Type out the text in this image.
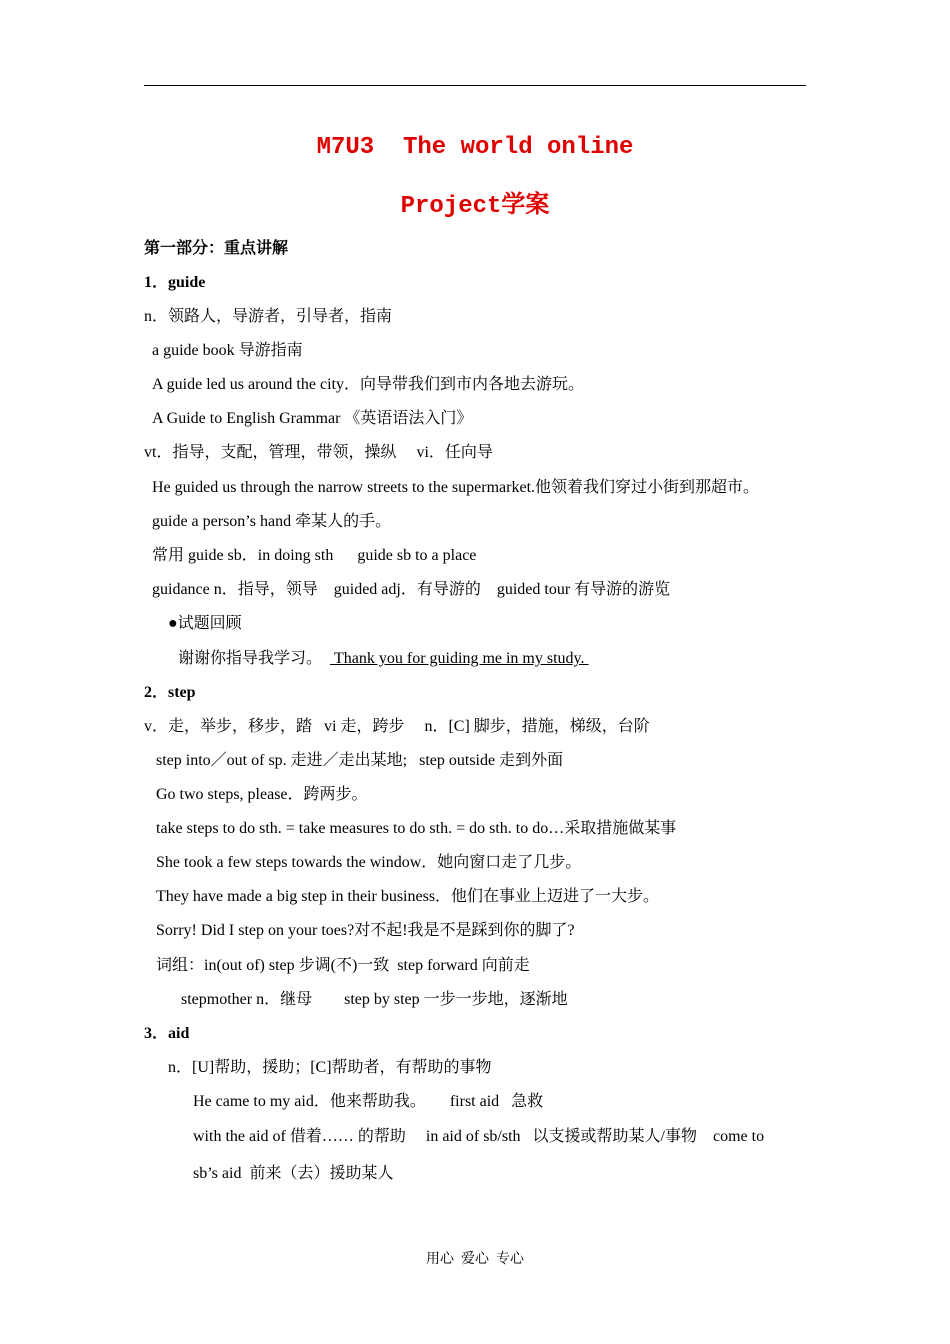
M7U3  The world online
Project学案
第一部分：重点讲解
1．guide
n．领路人，导游者，引导者，指南
a guide book 导游指南
A guide led us around the city．向导带我们到市内各地去游玩。
A Guide to English Grammar 《英语语法入门》
vt．指导，支配，管理，带领，操纵     vi．任向导
He guided us through the narrow streets to the supermarket.他领着我们穿过小街到那超市。
guide a person’s hand 牵某人的手。
常用 guide sb．in doing sth      guide sb to a place
guidance n．指导，领导    guided adj．有导游的    guided tour 有导游的游览
●试题回顾
谢谢你指导我学习。 Thank you for guiding me in my study.
2．step
v．走，举步，移步，踏   vi 走，跨步     n．[C] 脚步，措施，梯级，台阶
step into／out of sp. 走进／走出某地;   step outside 走到外面
Go two steps, please．跨两步。
take steps to do sth. = take measures to do sth. = do sth. to do…采取措施做某事
She took a few steps towards the window．她向窗口走了几步。
They have made a big step in their business．他们在事业上迈进了一大步。
Sorry! Did I step on your toes?对不起!我是不是踩到你的脚了?
词组：in(out of) step 步调(不)一致  step forward 向前走
stepmother n．继母        step by step 一步一步地，逐渐地
3．aid
n．[U]帮助，援助；[C]帮助者，有帮助的事物
He came to my aid．他来帮助我。      first aid   急救
with the aid of 借着…… 的帮助     in aid of sb/sth   以支援或帮助某人/事物    come to
sb’s aid  前来（去）援助某人
用心  爱心  专心
